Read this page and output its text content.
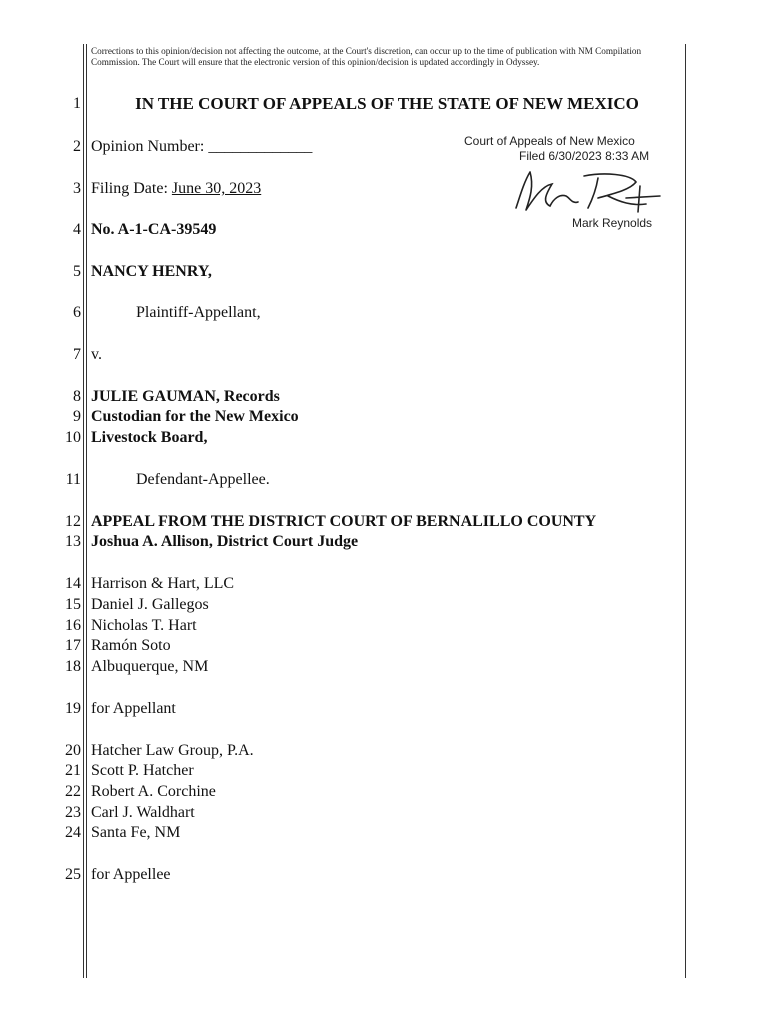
Corrections to this opinion/decision not affecting the outcome, at the Court's discretion, can occur up to the time of publication with NM Compilation Commission. The Court will ensure that the electronic version of this opinion/decision is updated accordingly in Odyssey.
1	IN THE COURT OF APPEALS OF THE STATE OF NEW MEXICO
2 Opinion Number: _____________	Court of Appeals of New Mexico
Filed 6/30/2023 8:33 AM
Mark Reynolds
3 Filing Date: June 30, 2023
4 No. A-1-CA-39549
5 NANCY HENRY,
6	Plaintiff-Appellant,
7 v.
8 JULIE GAUMAN, Records
9 Custodian for the New Mexico
10 Livestock Board,
11	Defendant-Appellee.
12 APPEAL FROM THE DISTRICT COURT OF BERNALILLO COUNTY
13 Joshua A. Allison, District Court Judge
14 Harrison & Hart, LLC
15 Daniel J. Gallegos
16 Nicholas T. Hart
17 Ramón Soto
18 Albuquerque, NM
19 for Appellant
20 Hatcher Law Group, P.A.
21 Scott P. Hatcher
22 Robert A. Corchine
23 Carl J. Waldhart
24 Santa Fe, NM
25 for Appellee
